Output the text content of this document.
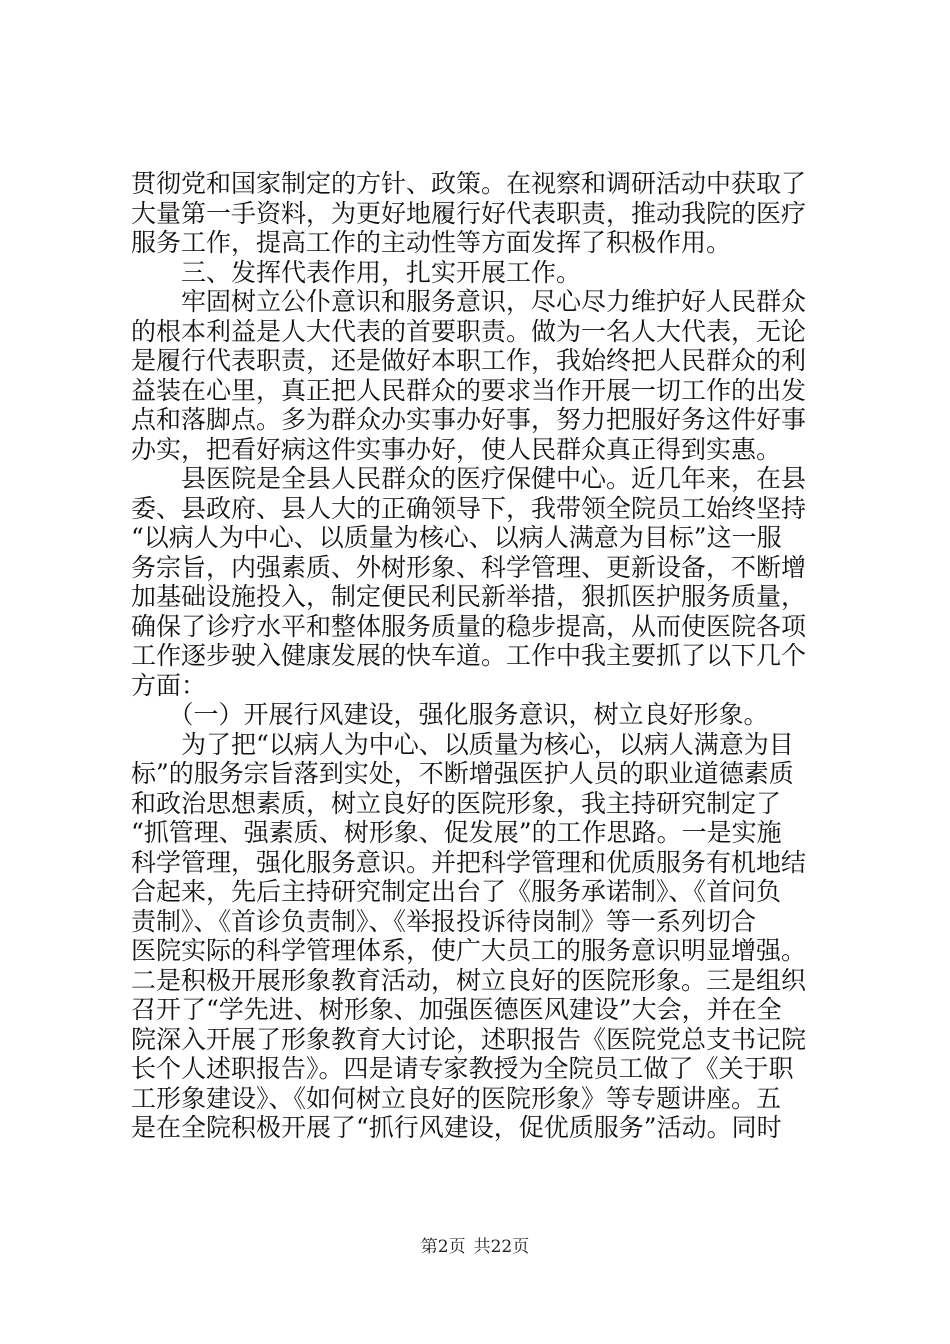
贯彻党和国家制定的方针、政策。在视察和调研活动中获取了
大量第一手资料，为更好地履行好代表职责，推动我院的医疗
服务工作，提高工作的主动性等方面发挥了积极作用。
　　三、发挥代表作用，扎实开展工作。
　　牢固树立公仆意识和服务意识，尽心尽力维护好人民群众
的根本利益是人大代表的首要职责。做为一名人大代表，无论
是履行代表职责，还是做好本职工作，我始终把人民群众的利
益装在心里，真正把人民群众的要求当作开展一切工作的出发
点和落脚点。多为群众办实事办好事，努力把服好务这件好事
办实，把看好病这件实事办好，使人民群众真正得到实惠。
　　县医院是全县人民群众的医疗保健中心。近几年来，在县
委、县政府、县人大的正确领导下，我带领全院员工始终坚持
“以病人为中心、以质量为核心、以病人满意为目标”这一服
务宗旨，内强素质、外树形象、科学管理、更新设备，不断增
加基础设施投入，制定便民利民新举措，狠抓医护服务质量，
确保了诊疗水平和整体服务质量的稳步提高，从而使医院各项
工作逐步驶入健康发展的快车道。工作中我主要抓了以下几个
方面：
　　（一）开展行风建设，强化服务意识，树立良好形象。
　　为了把“以病人为中心、以质量为核心，以病人满意为目
标”的服务宗旨落到实处，不断增强医护人员的职业道德素质
和政治思想素质，树立良好的医院形象，我主持研究制定了
“抓管理、强素质、树形象、促发展”的工作思路。一是实施
科学管理，强化服务意识。并把科学管理和优质服务有机地结
合起来，先后主持研究制定出台了《服务承诺制》、《首问负
责制》、《首诊负责制》、《举报投诉待岗制》等一系列切合
医院实际的科学管理体系，使广大员工的服务意识明显增强。
二是积极开展形象教育活动，树立良好的医院形象。三是组织
召开了“学先进、树形象、加强医德医风建设”大会，并在全
院深入开展了形象教育大讨论，述职报告《医院党总支书记院
长个人述职报告》。四是请专家教授为全院员工做了《关于职
工形象建设》、《如何树立良好的医院形象》等专题讲座。五
是在全院积极开展了“抓行风建设，促优质服务”活动。同时
第2页 共22页
